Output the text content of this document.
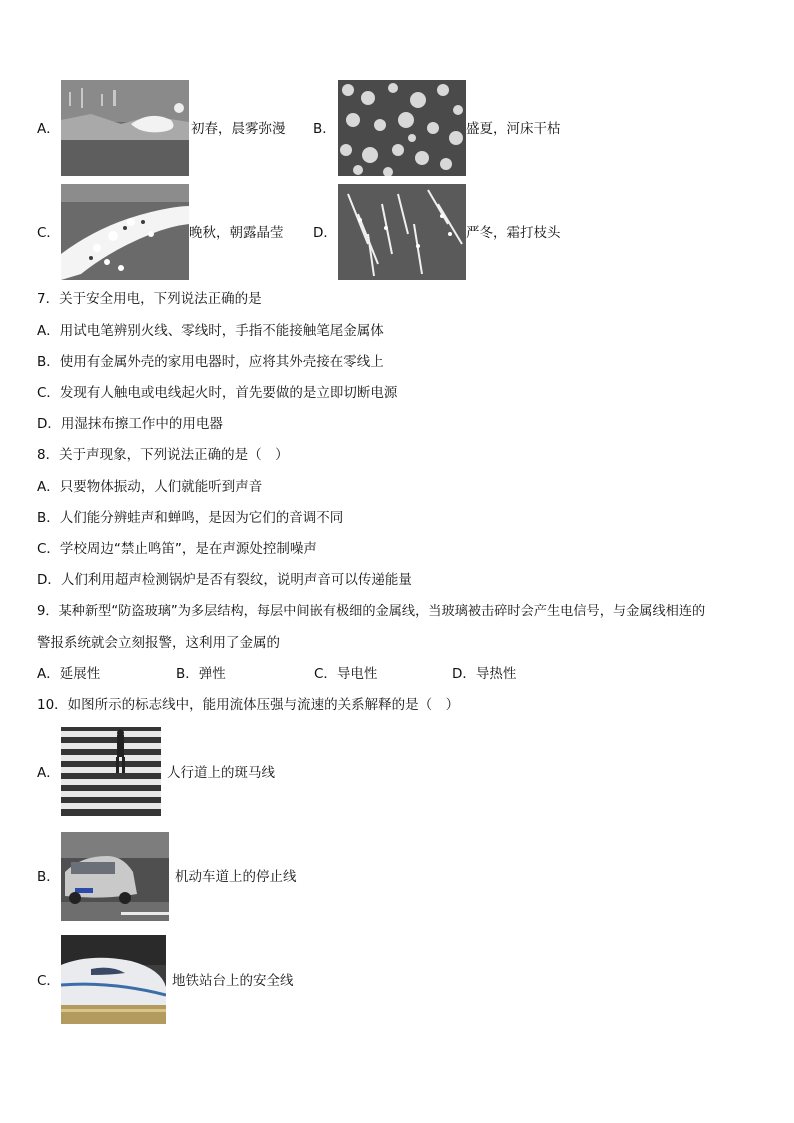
A．	初春，晨雾弥漫 B．	盛夏，河床干枯
C．	晚秋，朝露晶莹 D．	严冬，霜打枝头
7．关于安全用电，下列说法正确的是
A．用试电笔辨别火线、零线时，手指不能接触笔尾金属体
B．使用有金属外壳的家用电器时，应将其外壳接在零线上
C．发现有人触电或电线起火时，首先要做的是立即切断电源
D．用湿抹布擦工作中的用电器
8．关于声现象，下列说法正确的是（　）
A．只要物体振动，人们就能听到声音
B．人们能分辨蛙声和蝉鸣，是因为它们的音调不同
C．学校周边“禁止鸣笛”，是在声源处控制噪声
D．人们利用超声检测锅炉是否有裂纹，说明声音可以传递能量
9．某种新型“防盗玻璃”为多层结构，每层中间嵌有极细的金属线，当玻璃被击碎时会产生电信号，与金属线相连的
警报系统就会立刻报警，这利用了金属的
A．延展性	B．弹性	C．导电性	D．导热性
10．如图所示的标志线中，能用流体压强与流速的关系解释的是（　）
A．	人行道上的斑马线
B．	机动车道上的停止线
C．	地铁站台上的安全线
